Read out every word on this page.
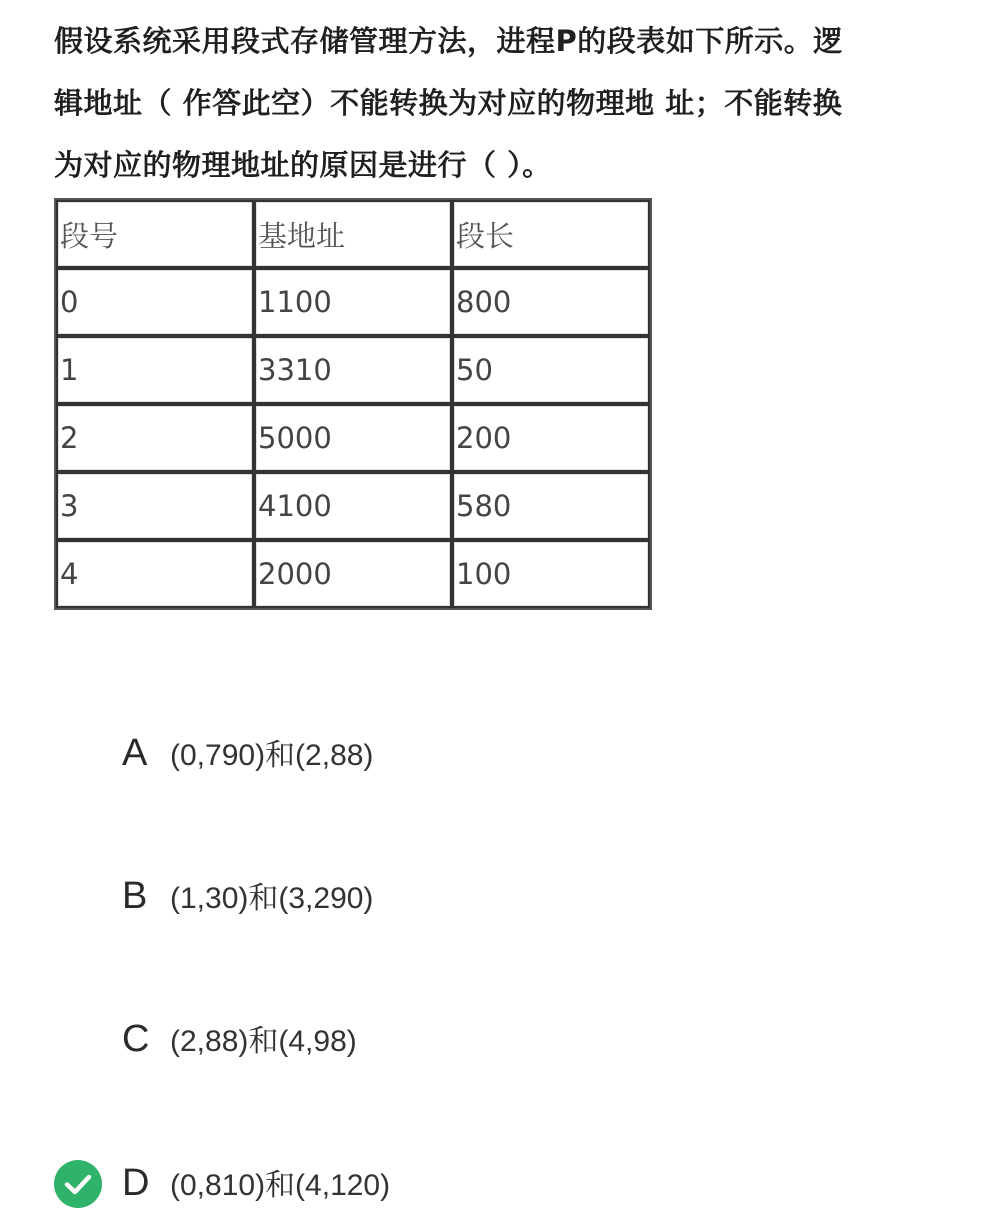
假设系统采用段式存储管理方法，进程P的段表如下所示。逻
辑地址（ 作答此空）不能转换为对应的物理地 址；不能转换
为对应的物理地址的原因是进行（ ）。
段号	基地址	段长
0	1100	800
1	3310	50
2	5000	200
3	4100	580
4	2000	100
A (0,790)和(2,88)
B (1,30)和(3,290)
C (2,88)和(4,98)
D (0,810)和(4,120)
